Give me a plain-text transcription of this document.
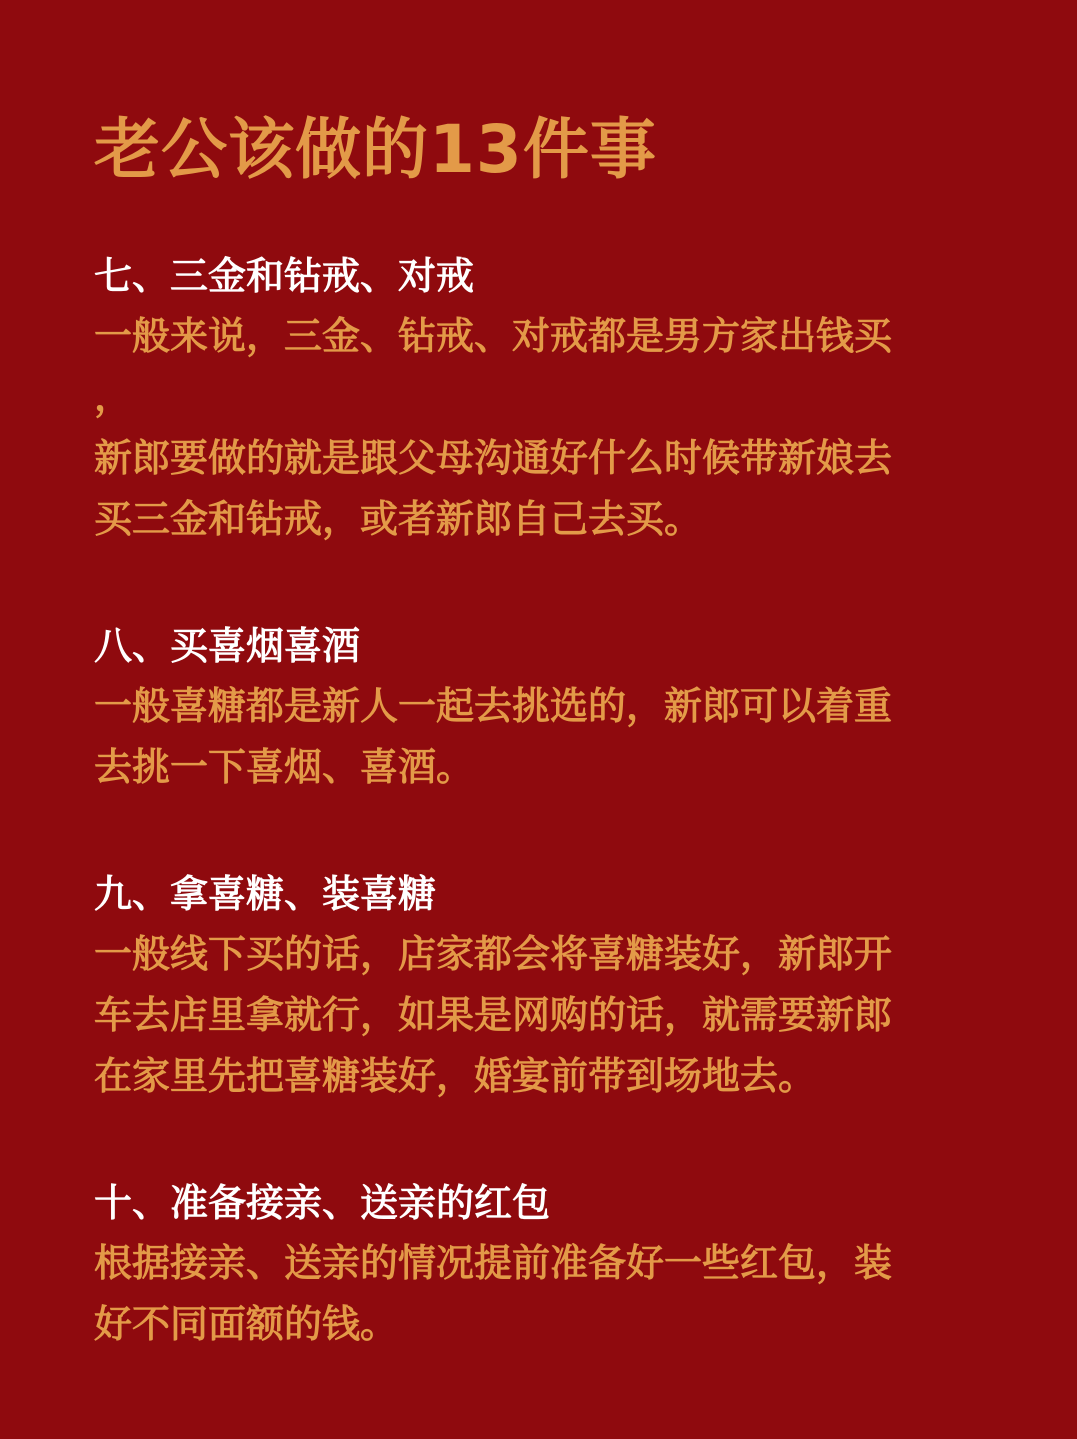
老公该做的13件事
七、三金和钻戒、对戒
一般来说，三金、钻戒、对戒都是男方家出钱买
，
新郎要做的就是跟父母沟通好什么时候带新娘去
买三金和钻戒，或者新郎自己去买。
八、买喜烟喜酒
一般喜糖都是新人一起去挑选的，新郎可以着重
去挑一下喜烟、喜酒。
九、拿喜糖、装喜糖
一般线下买的话，店家都会将喜糖装好，新郎开
车去店里拿就行，如果是网购的话，就需要新郎
在家里先把喜糖装好，婚宴前带到场地去。
十、准备接亲、送亲的红包
根据接亲、送亲的情况提前准备好一些红包，装
好不同面额的钱。
